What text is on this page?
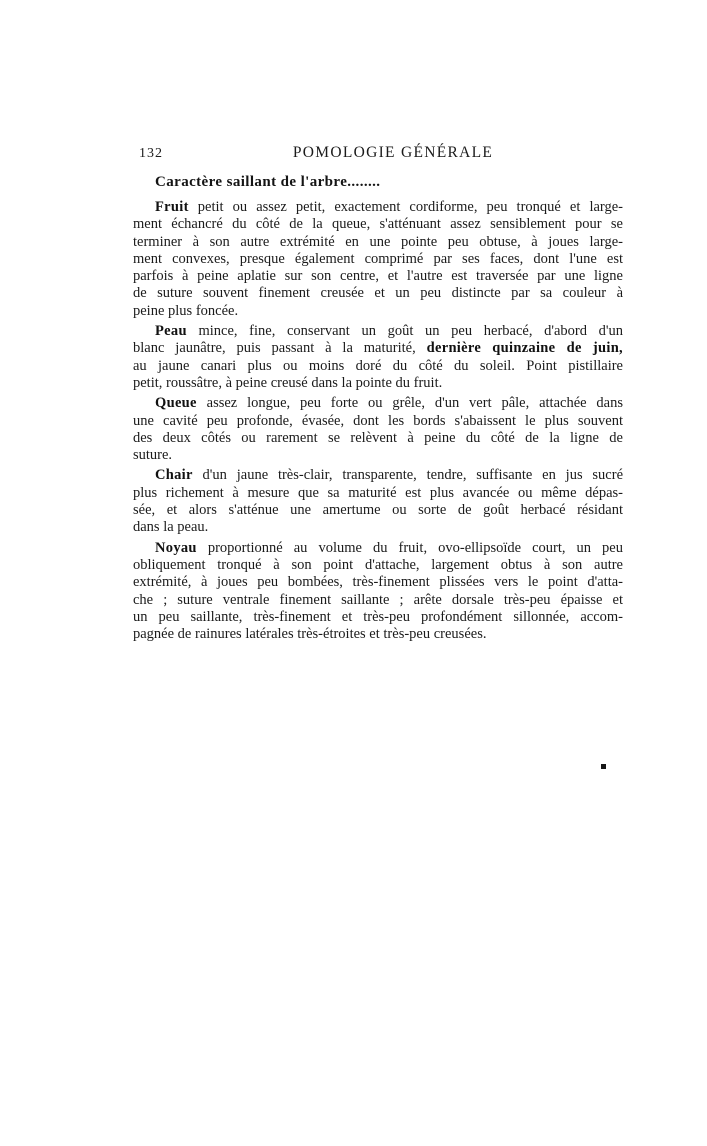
132	POMOLOGIE GÉNÉRALE
Caractère saillant de l'arbre........
Fruit petit ou assez petit, exactement cordiforme, peu tronqué et large-
ment échancré du côté de la queue, s'atténuant assez sensiblement pour se
terminer à son autre extrémité en une pointe peu obtuse, à joues large-
ment convexes, presque également comprimé par ses faces, dont l'une est
parfois à peine aplatie sur son centre, et l'autre est traversée par une ligne
de suture souvent finement creusée et un peu distincte par sa couleur à
peine plus foncée.
Peau mince, fine, conservant un goût un peu herbacé, d'abord d'un
blanc jaunâtre, puis passant à la maturité, dernière quinzaine de juin,
au jaune canari plus ou moins doré du côté du soleil. Point pistillaire
petit, roussâtre, à peine creusé dans la pointe du fruit.
Queue assez longue, peu forte ou grêle, d'un vert pâle, attachée dans
une cavité peu profonde, évasée, dont les bords s'abaissent le plus souvent
des deux côtés ou rarement se relèvent à peine du côté de la ligne de
suture.
Chair d'un jaune très-clair, transparente, tendre, suffisante en jus sucré
plus richement à mesure que sa maturité est plus avancée ou même dépas-
sée, et alors s'atténue une amertume ou sorte de goût herbacé résidant
dans la peau.
Noyau proportionné au volume du fruit, ovo-ellipsoïde court, un peu
obliquement tronqué à son point d'attache, largement obtus à son autre
extrémité, à joues peu bombées, très-finement plissées vers le point d'atta-
che ; suture ventrale finement saillante ; arête dorsale très-peu épaisse et
un peu saillante, très-finement et très-peu profondément sillonnée, accom-
pagnée de rainures latérales très-étroites et très-peu creusées.
